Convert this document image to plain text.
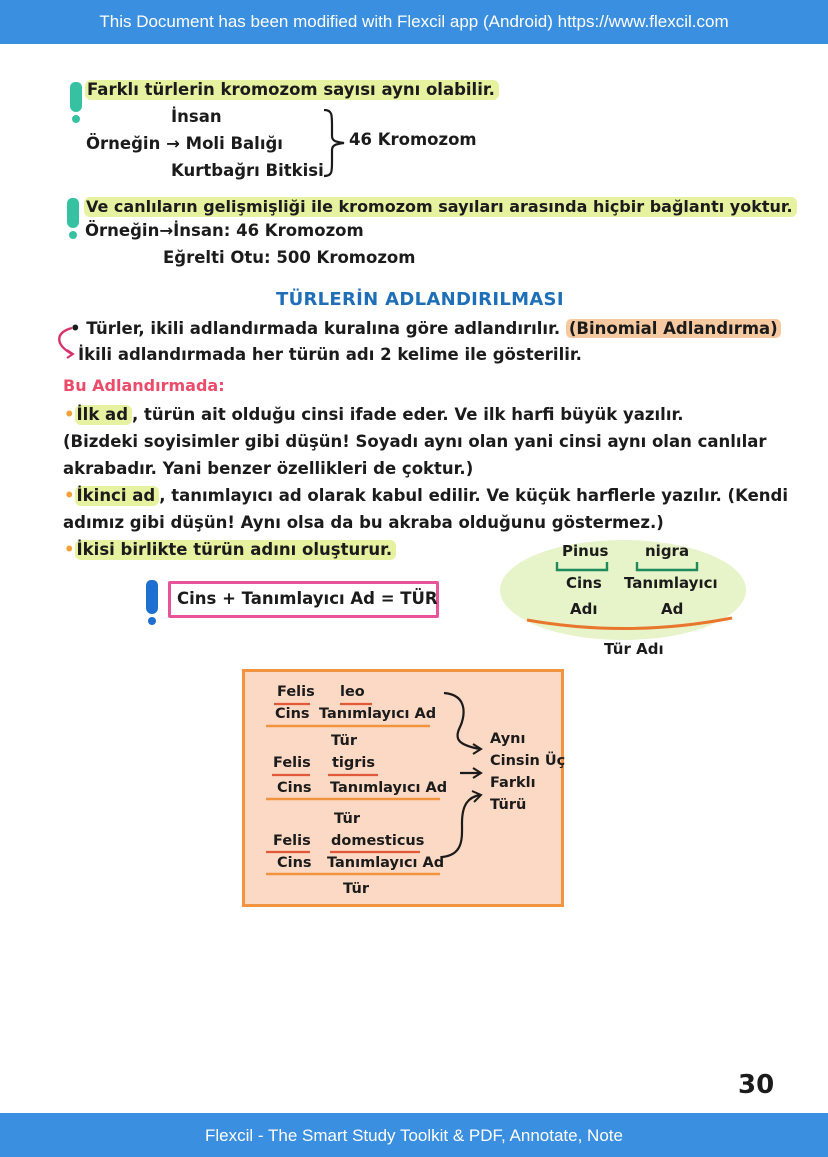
This Document has been modified with Flexcil app (Android) https://www.flexcil.com
Farklı türlerin kromozom sayısı aynı olabilir.
İnsan
Örneğin → Moli Balığı
Kurtbağrı Bitkisi
46 Kromozom
Ve canlıların gelişmişliği ile kromozom sayıları arasında hiçbir bağlantı yoktur.
Örneğin→İnsan: 46 Kromozom
Eğrelti Otu: 500 Kromozom
TÜRLERİN ADLANDIRILMASI
• Türler, ikili adlandırmada kuralına göre adlandırılır. (Binomial Adlandırma)
İkili adlandırmada her türün adı 2 kelime ile gösterilir.
Bu Adlandırmada:
• İlk ad , türün ait olduğu cinsi ifade eder. Ve ilk harfi büyük yazılır.
(Bizdeki soyisimler gibi düşün! Soyadı aynı olan yani cinsi aynı olan canlılar
akrabadır. Yani benzer özellikleri de çoktur.)
• İkinci ad , tanımlayıcı ad olarak kabul edilir. Ve küçük harflerle yazılır. (Kendi
adımız gibi düşün! Aynı olsa da bu akraba olduğunu göstermez.)
• İkisi birlikte türün adını oluşturur.
Cins + Tanımlayıcı Ad = TÜR
Pinus nigra
Cins
Adı
Tanımlayıcı
Ad
Tür Adı
Felis leo
Cins Tanımlayıcı Ad
Tür
Felis tigris
Cins Tanımlayıcı Ad
Tür
Felis domesticus
Cins Tanımlayıcı Ad
Tür
Aynı
Cinsin Üç
Farklı
Türü
30
Flexcil - The Smart Study Toolkit & PDF, Annotate, Note
